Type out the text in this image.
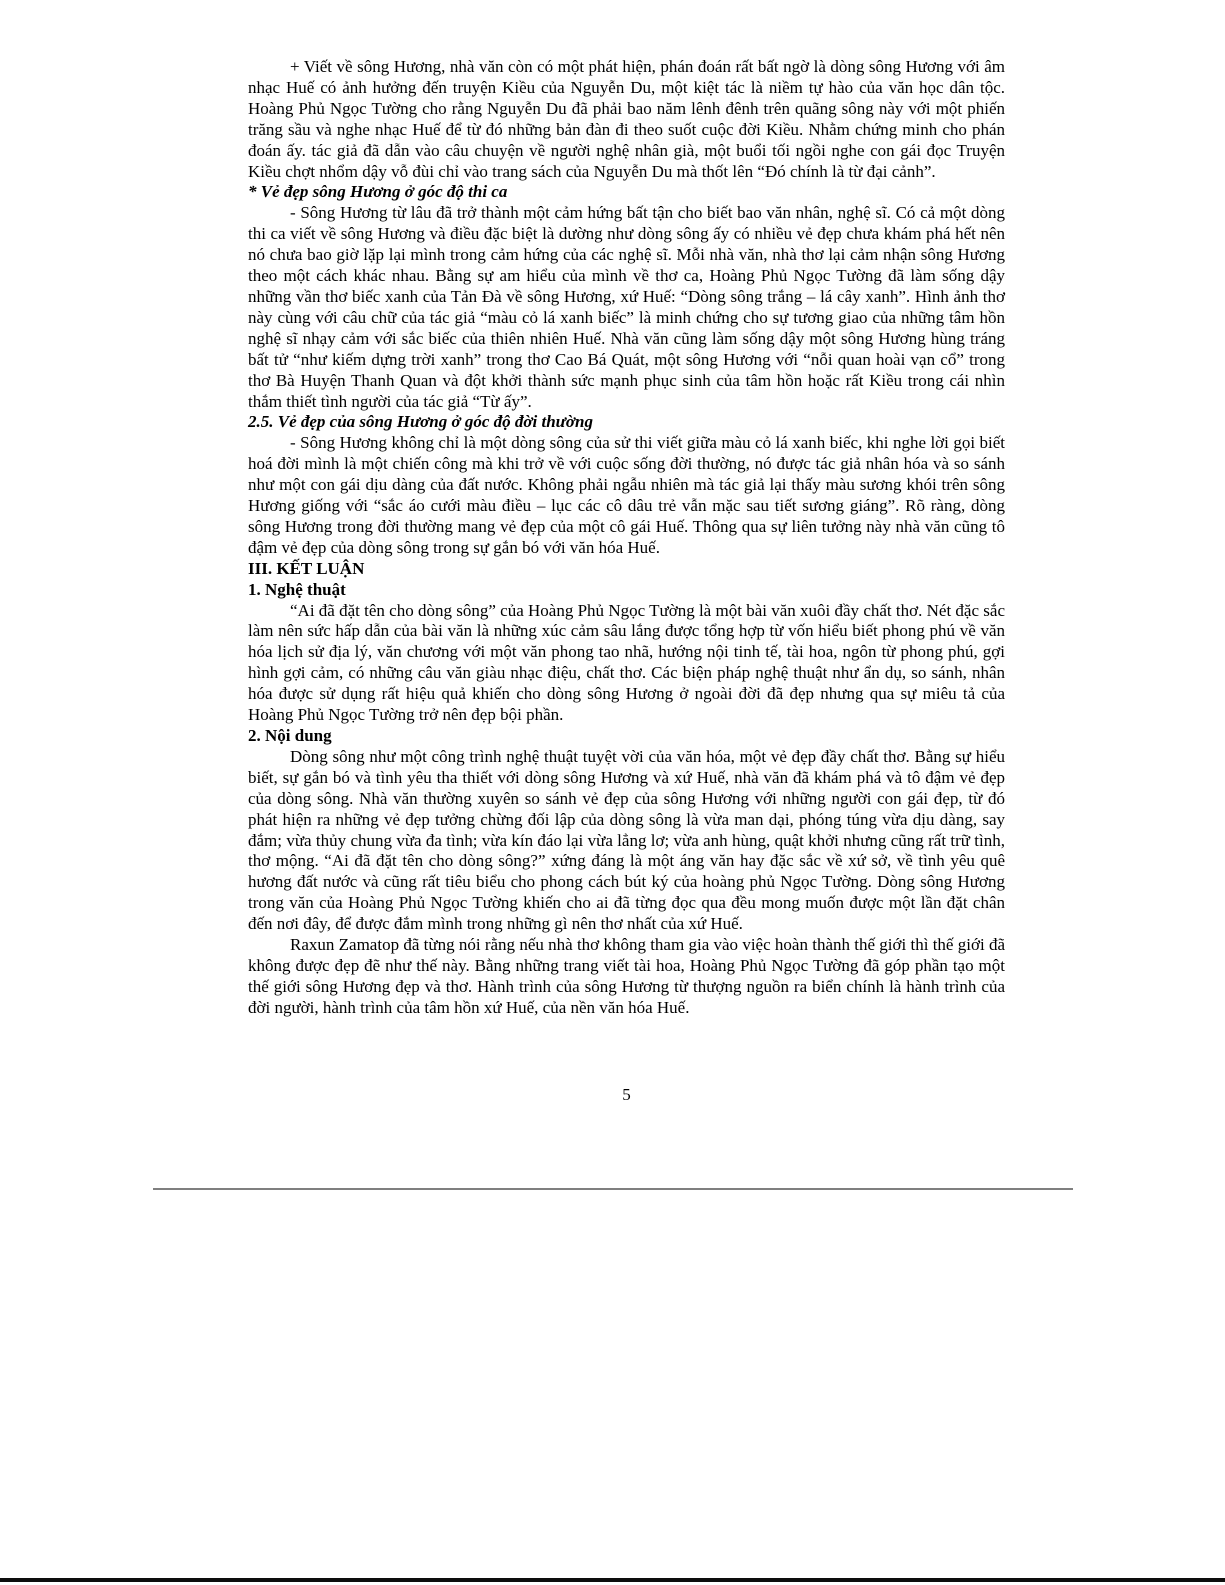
+ Viết về sông Hương, nhà văn còn có một phát hiện, phán đoán rất bất ngờ là dòng sông Hương với âm nhạc Huế có ảnh hưởng đến truyện Kiều của Nguyễn Du, một kiệt tác là niềm tự hào của văn học dân tộc. Hoàng Phủ Ngọc Tường cho rằng Nguyễn Du đã phải bao năm lênh đênh trên quãng sông này với một phiến trăng sầu và nghe nhạc Huế để từ đó những bản đàn đi theo suốt cuộc đời Kiều. Nhằm chứng minh cho phán đoán ấy. tác giả đã dẫn vào câu chuyện về người nghệ nhân già, một buổi tối ngồi nghe con gái đọc Truyện Kiều chợt nhổm dậy vỗ đùi chỉ vào trang sách của Nguyễn Du mà thốt lên “Đó chính là từ đại cảnh”.

* Vẻ đẹp sông Hương ở góc độ thi ca

- Sông Hương từ lâu đã trở thành một cảm hứng bất tận cho biết bao văn nhân, nghệ sĩ. Có cả một dòng thi ca viết về sông Hương và điều đặc biệt là dường như dòng sông ấy có nhiều vẻ đẹp chưa khám phá hết nên nó chưa bao giờ lặp lại mình trong cảm hứng của các nghệ sĩ. Mỗi nhà văn, nhà thơ lại cảm nhận sông Hương theo một cách khác nhau. Bằng sự am hiểu của mình về thơ ca, Hoàng Phủ Ngọc Tường đã làm sống dậy những vần thơ biếc xanh của Tản Đà về sông Hương, xứ Huế: “Dòng sông trắng – lá cây xanh”. Hình ảnh thơ này cùng với câu chữ của tác giả “màu cỏ lá xanh biếc” là minh chứng cho sự tương giao của những tâm hồn nghệ sĩ nhạy cảm với sắc biếc của thiên nhiên Huế. Nhà văn cũng làm sống dậy một sông Hương hùng tráng bất tử “như kiếm dựng trời xanh” trong thơ Cao Bá Quát, một sông Hương với “nỗi quan hoài vạn cổ” trong thơ Bà Huyện Thanh Quan và đột khởi thành sức mạnh phục sinh của tâm hồn hoặc rất Kiều trong cái nhìn thắm thiết tình người của tác giả “Từ ấy”.

2.5. Vẻ đẹp của sông Hương ở góc độ đời thường

- Sông Hương không chỉ là một dòng sông của sử thi viết giữa màu cỏ lá xanh biếc, khi nghe lời gọi biết hoá đời mình là một chiến công mà khi trở về với cuộc sống đời thường, nó được tác giả nhân hóa và so sánh như một con gái dịu dàng của đất nước. Không phải ngẫu nhiên mà tác giả lại thấy màu sương khói trên sông Hương giống với “sắc áo cưới màu điều – lục các cô dâu trẻ vẫn mặc sau tiết sương giáng”. Rõ ràng, dòng sông Hương trong đời thường mang vẻ đẹp của một cô gái Huế. Thông qua sự liên tưởng này nhà văn cũng tô đậm vẻ đẹp của dòng sông trong sự gắn bó với văn hóa Huế.

III. KẾT LUẬN
1. Nghệ thuật

“Ai đã đặt tên cho dòng sông” của Hoàng Phủ Ngọc Tường là một bài văn xuôi đầy chất thơ. Nét đặc sắc làm nên sức hấp dẫn của bài văn là những xúc cảm sâu lắng được tổng hợp từ vốn hiểu biết phong phú về văn hóa lịch sử địa lý, văn chương với một văn phong tao nhã, hướng nội tinh tế, tài hoa, ngôn từ phong phú, gợi hình gợi cảm, có những câu văn giàu nhạc điệu, chất thơ. Các biện pháp nghệ thuật như ẩn dụ, so sánh, nhân hóa được sử dụng rất hiệu quả khiến cho dòng sông Hương ở ngoài đời đã đẹp nhưng qua sự miêu tả của Hoàng Phủ Ngọc Tường trở nên đẹp bội phần.

2. Nội dung

Dòng sông như một công trình nghệ thuật tuyệt vời của văn hóa, một vẻ đẹp đầy chất thơ. Bằng sự hiểu biết, sự gắn bó và tình yêu tha thiết với dòng sông Hương và xứ Huế, nhà văn đã khám phá và tô đậm vẻ đẹp của dòng sông. Nhà văn thường xuyên so sánh vẻ đẹp của sông Hương với những người con gái đẹp, từ đó phát hiện ra những vẻ đẹp tưởng chừng đối lập của dòng sông là vừa man dại, phóng túng vừa dịu dàng, say đắm; vừa thủy chung vừa đa tình; vừa kín đáo lại vừa lẳng lơ; vừa anh hùng, quật khởi nhưng cũng rất trữ tình, thơ mộng. “Ai đã đặt tên cho dòng sông?” xứng đáng là một áng văn hay đặc sắc về xứ sở, về tình yêu quê hương đất nước và cũng rất tiêu biểu cho phong cách bút ký của hoàng phủ Ngọc Tường. Dòng sông Hương trong văn của Hoàng Phủ Ngọc Tường khiến cho ai đã từng đọc qua đều mong muốn được một lần đặt chân đến nơi đây, để được đắm mình trong những gì nên thơ nhất của xứ Huế.

Raxun Zamatop đã từng nói rằng nếu nhà thơ không tham gia vào việc hoàn thành thế giới thì thế giới đã không được đẹp đẽ như thế này. Bằng những trang viết tài hoa, Hoàng Phủ Ngọc Tường đã góp phần tạo một thế giới sông Hương đẹp và thơ. Hành trình của sông Hương từ thượng nguồn ra biển chính là hành trình của đời người, hành trình của tâm hồn xứ Huế, của nền văn hóa Huế.

5
